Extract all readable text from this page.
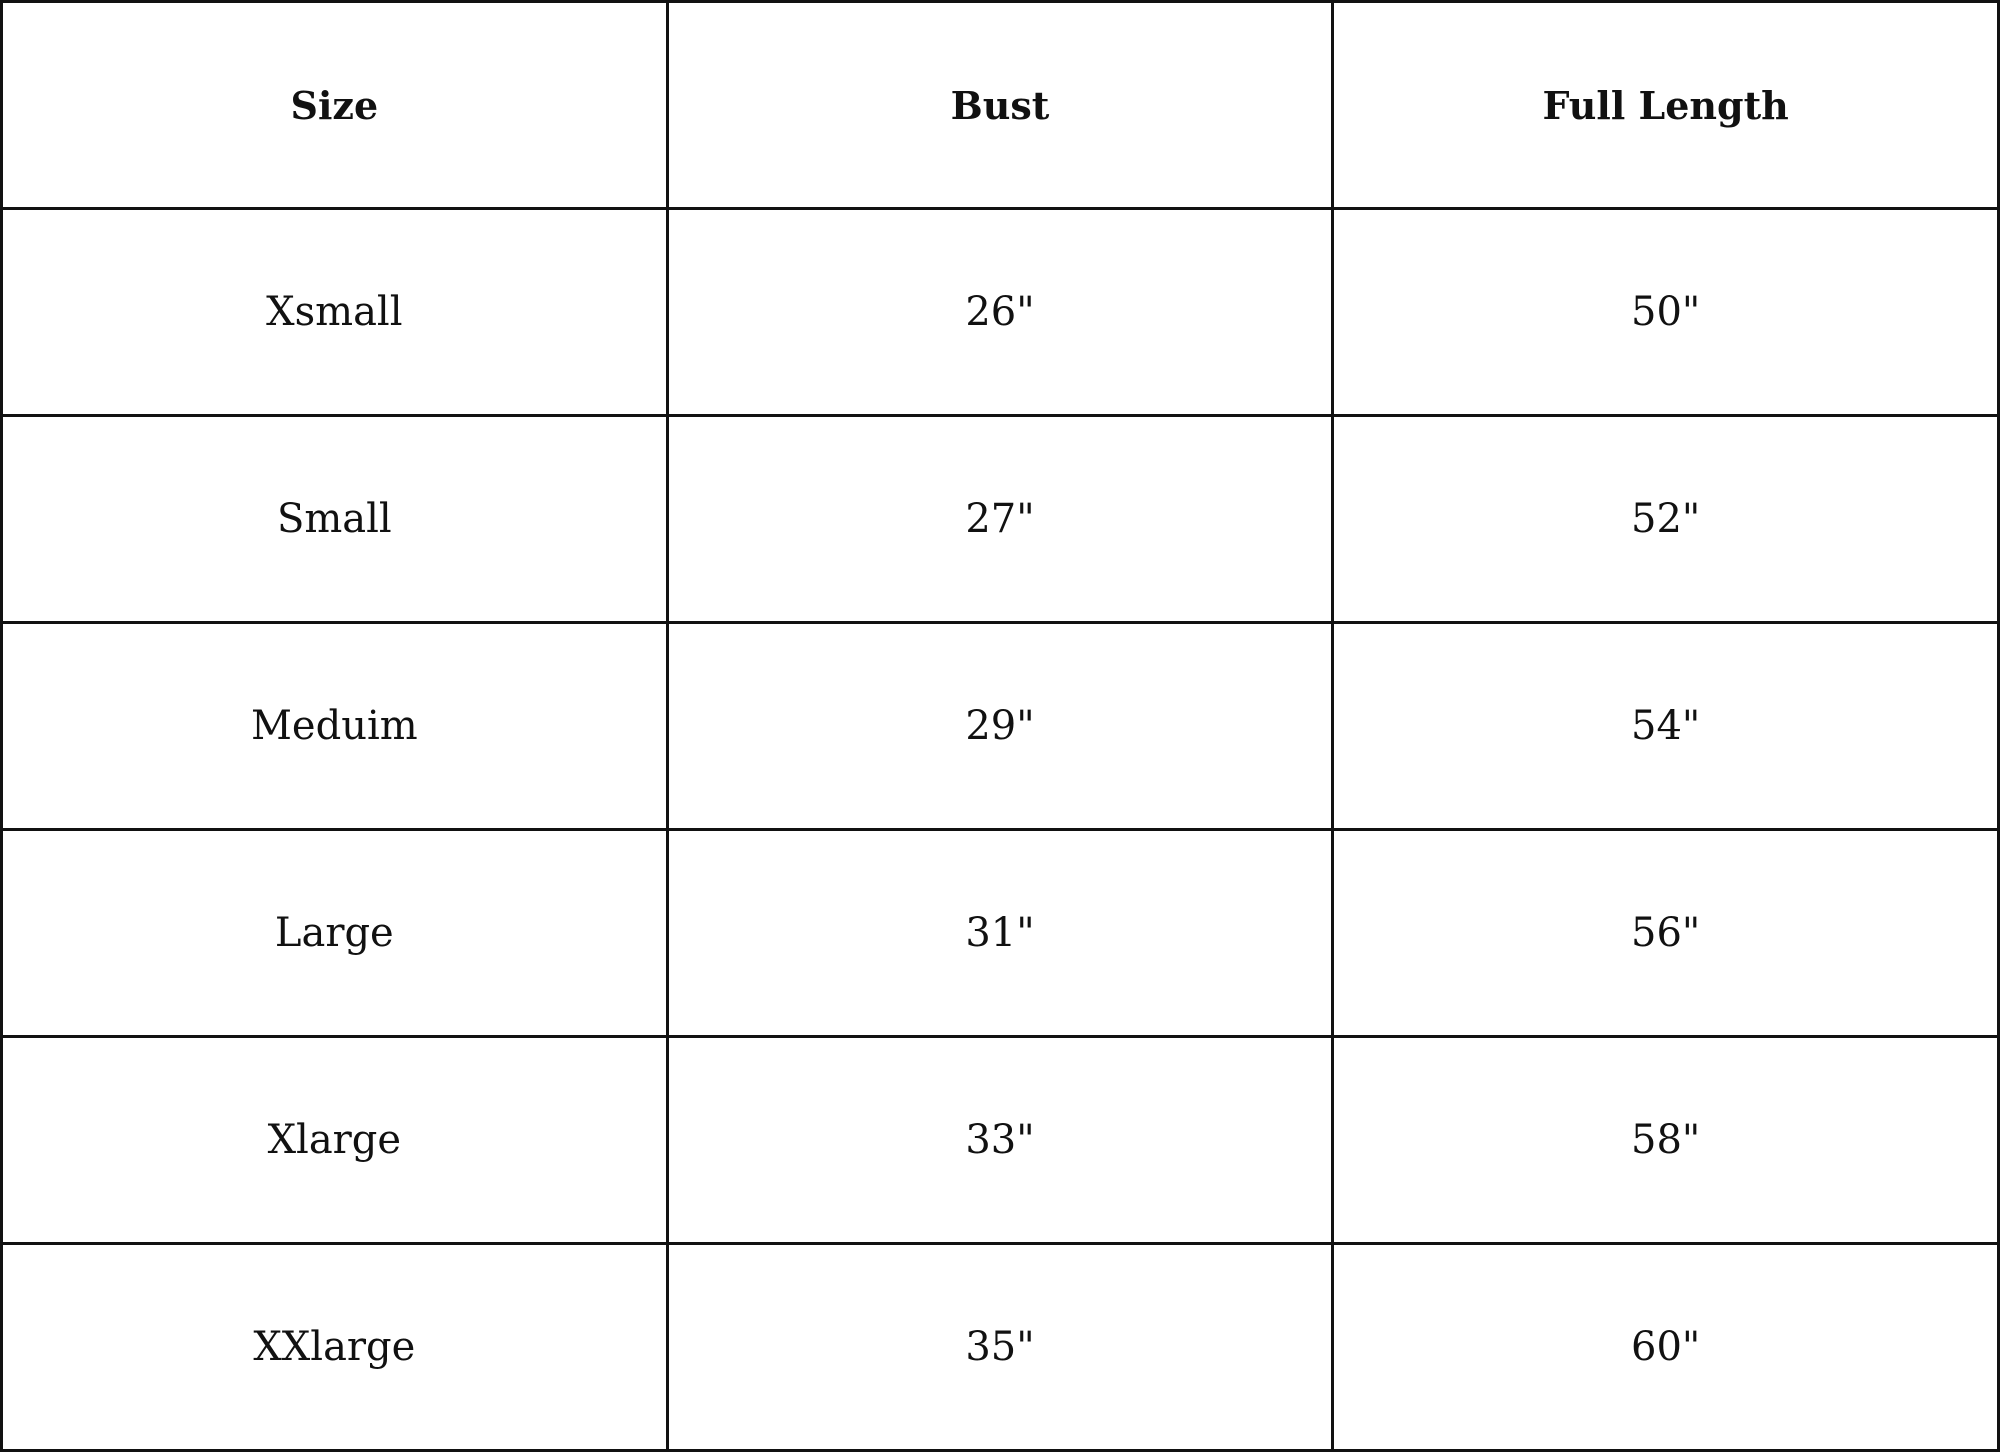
Size	Bust	Full Length
Xsmall	26"	50"
Small	27"	52"
Meduim	29"	54"
Large	31"	56"
Xlarge	33"	58"
XXlarge	35"	60"
